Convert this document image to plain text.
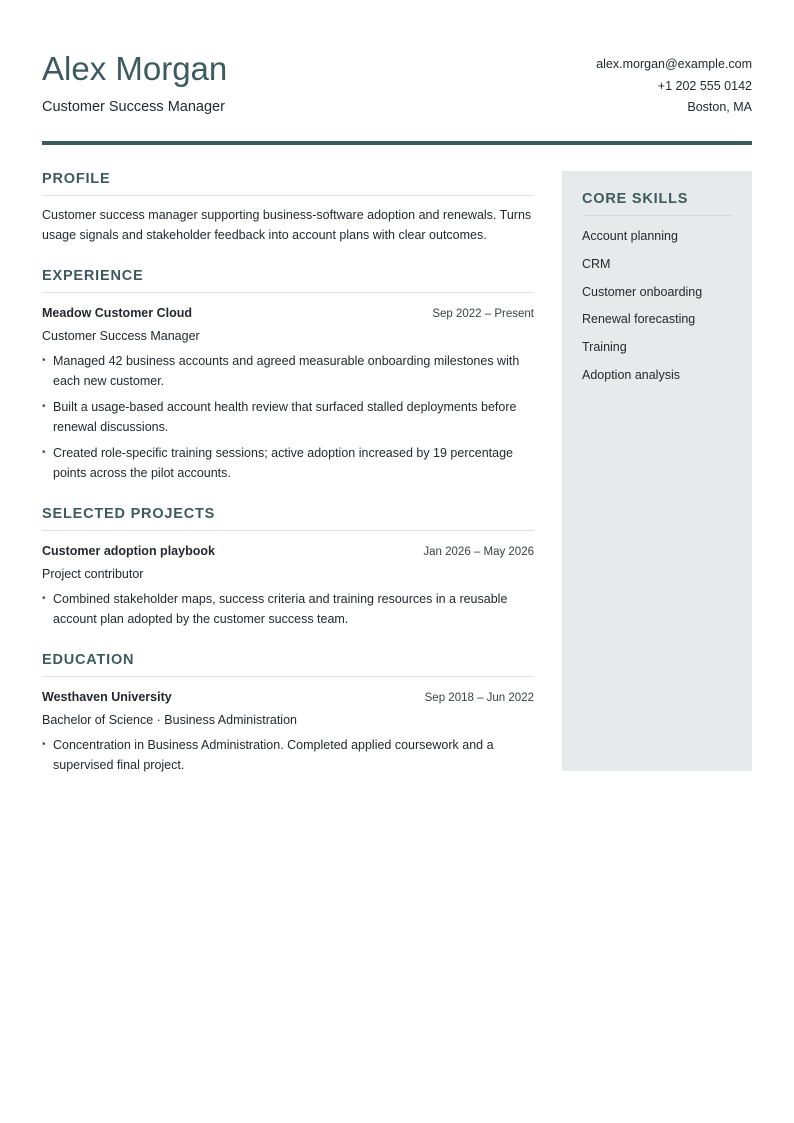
Alex Morgan
Customer Success Manager
alex.morgan@example.com
+1 202 555 0142
Boston, MA
PROFILE

Customer success manager supporting business-software adoption and renewals. Turns usage signals and stakeholder feedback into account plans with clear outcomes.

EXPERIENCE
Meadow Customer Cloud	Sep 2022 – Present
Customer Success Manager
• Managed 42 business accounts and agreed measurable onboarding milestones with each new customer.
• Built a usage-based account health review that surfaced stalled deployments before renewal discussions.
• Created role-specific training sessions; active adoption increased by 19 percentage points across the pilot accounts.
SELECTED PROJECTS
Customer adoption playbook	Jan 2026 – May 2026
Project contributor
• Combined stakeholder maps, success criteria and training resources in a reusable account plan adopted by the customer success team.
EDUCATION
Westhaven University	Sep 2018 – Jun 2022
Bachelor of Science · Business Administration
• Concentration in Business Administration. Completed applied coursework and a supervised final project.
CORE SKILLS
Account planning
CRM
Customer onboarding
Renewal forecasting
Training
Adoption analysis
